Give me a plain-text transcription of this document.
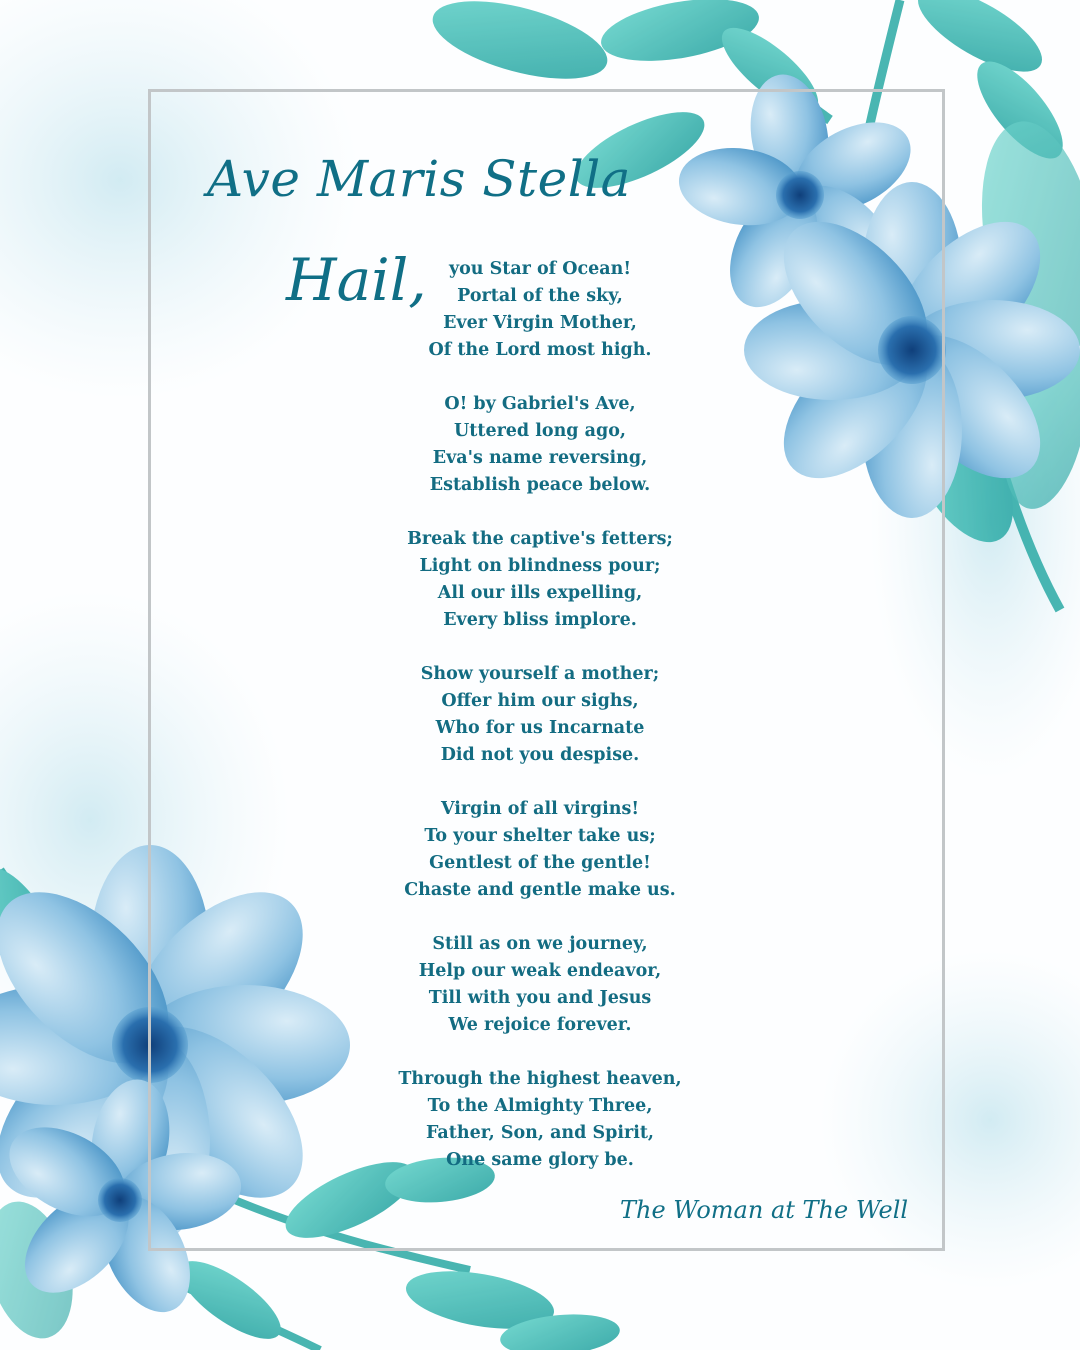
Ave Maris Stella
Hail,	you Star of Ocean!
Portal of the sky,
Ever Virgin Mother,
Of the Lord most high.
O! by Gabriel's Ave,
Uttered long ago,
Eva's name reversing,
Establish peace below.
Break the captive's fetters;
Light on blindness pour;
All our ills expelling,
Every bliss implore.
Show yourself a mother;
Offer him our sighs,
Who for us Incarnate
Did not you despise.
Virgin of all virgins!
To your shelter take us;
Gentlest of the gentle!
Chaste and gentle make us.
Still as on we journey,
Help our weak endeavor,
Till with you and Jesus
We rejoice forever.
Through the highest heaven,
To the Almighty Three,
Father, Son, and Spirit,
One same glory be.
The Woman at The Well
